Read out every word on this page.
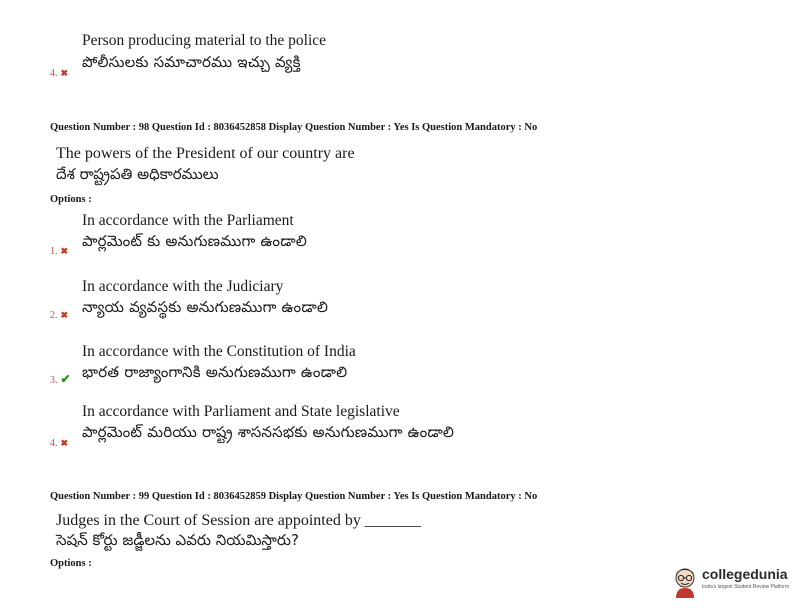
Person producing material to the police
పోలీసులకు సమాచారము ఇచ్చు వ్యక్తి
4. ✖
Question Number : 98 Question Id : 8036452858 Display Question Number : Yes Is Question Mandatory : No
The powers of the President of our country are
దేశ రాష్ట్రపతి అధికారములు
Options :
In accordance with the Parliament
పార్లమెంట్ కు అనుగుణముగా ఉండాలి
1. ✖
In accordance with the Judiciary
న్యాయ వ్యవస్థకు అనుగుణముగా ఉండాలి
2. ✖
In accordance with the Constitution of India
భారత రాజ్యాంగానికి అనుగుణముగా ఉండాలి
3. ✔
In accordance with Parliament and State legislative
పార్లమెంట్ మరియు రాష్ట్ర శాసనసభకు అనుగుణముగా ఉండాలి
4. ✖
Question Number : 99 Question Id : 8036452859 Display Question Number : Yes Is Question Mandatory : No
Judges in the Court of Session are appointed by _______
సెషన్ కోర్టు జడ్జీలను ఎవరు నియమిస్తారు?
Options :
collegedunia
India's largest Student Review Platform
